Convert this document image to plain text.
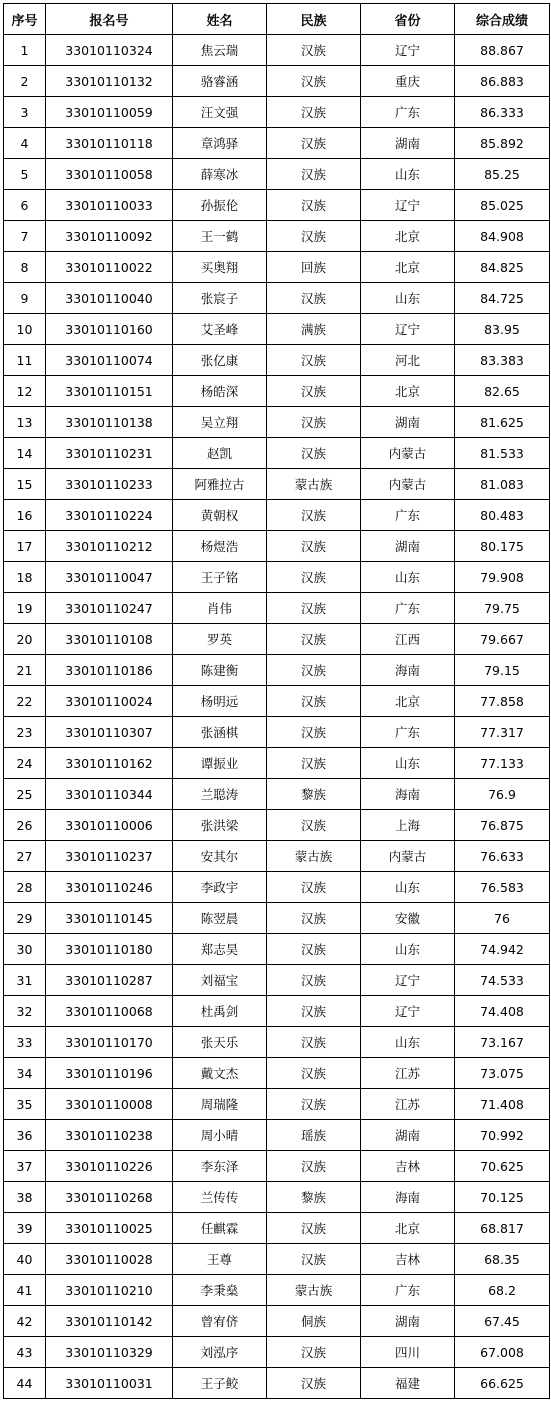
序号	报名号	姓名	民族	省份	综合成绩
1	33010110324	焦云瑞	汉族	辽宁	88.867
2	33010110132	骆睿涵	汉族	重庆	86.883
3	33010110059	汪文强	汉族	广东	86.333
4	33010110118	章鸿驿	汉族	湖南	85.892
5	33010110058	薛寒冰	汉族	山东	85.25
6	33010110033	孙振伦	汉族	辽宁	85.025
7	33010110092	王一鹤	汉族	北京	84.908
8	33010110022	买奥翔	回族	北京	84.825
9	33010110040	张宸子	汉族	山东	84.725
10	33010110160	艾圣峰	满族	辽宁	83.95
11	33010110074	张亿康	汉族	河北	83.383
12	33010110151	杨皓深	汉族	北京	82.65
13	33010110138	吴立翔	汉族	湖南	81.625
14	33010110231	赵凯	汉族	内蒙古	81.533
15	33010110233	阿雅拉古	蒙古族	内蒙古	81.083
16	33010110224	黄朝权	汉族	广东	80.483
17	33010110212	杨煜浩	汉族	湖南	80.175
18	33010110047	王子铭	汉族	山东	79.908
19	33010110247	肖伟	汉族	广东	79.75
20	33010110108	罗英	汉族	江西	79.667
21	33010110186	陈建衡	汉族	海南	79.15
22	33010110024	杨明远	汉族	北京	77.858
23	33010110307	张涵棋	汉族	广东	77.317
24	33010110162	谭振业	汉族	山东	77.133
25	33010110344	兰聪涛	黎族	海南	76.9
26	33010110006	张洪梁	汉族	上海	76.875
27	33010110237	安其尔	蒙古族	内蒙古	76.633
28	33010110246	李政宇	汉族	山东	76.583
29	33010110145	陈翌晨	汉族	安徽	76
30	33010110180	郑志昊	汉族	山东	74.942
31	33010110287	刘福宝	汉族	辽宁	74.533
32	33010110068	杜禹剑	汉族	辽宁	74.408
33	33010110170	张天乐	汉族	山东	73.167
34	33010110196	戴文杰	汉族	江苏	73.075
35	33010110008	周瑞隆	汉族	江苏	71.408
36	33010110238	周小晴	瑶族	湖南	70.992
37	33010110226	李东泽	汉族	吉林	70.625
38	33010110268	兰传传	黎族	海南	70.125
39	33010110025	任麒霖	汉族	北京	68.817
40	33010110028	王尊	汉族	吉林	68.35
41	33010110210	李秉燊	蒙古族	广东	68.2
42	33010110142	曾宥侪	侗族	湖南	67.45
43	33010110329	刘泓序	汉族	四川	67.008
44	33010110031	王子鲛	汉族	福建	66.625
